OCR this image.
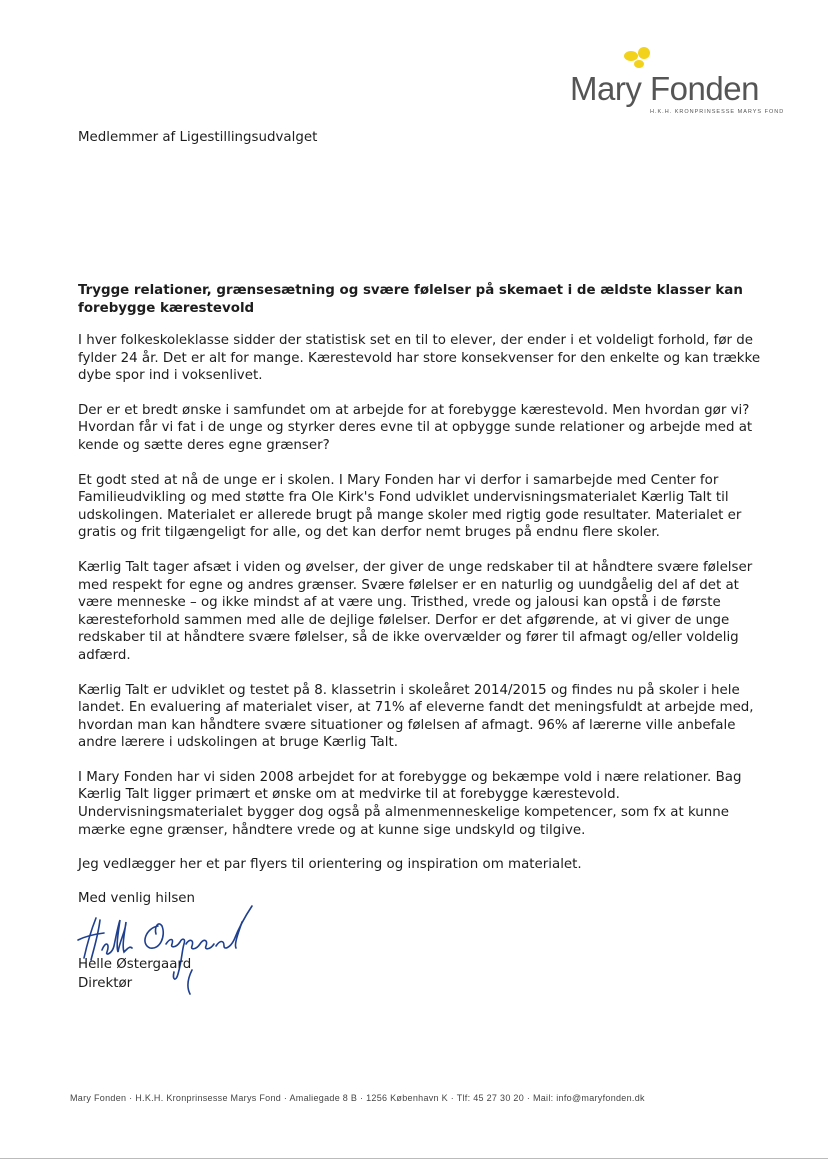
Mary Fonden
H.K.H. KRONPRINSESSE MARYS FOND
Medlemmer af Ligestillingsudvalget
Trygge relationer, grænsesætning og svære følelser på skemaet i de ældste klasser kan forebygge kærestevold

I hver folkeskoleklasse sidder der statistisk set en til to elever, der ender i et voldeligt forhold, før de fylder 24 år. Det er alt for mange. Kærestevold har store konsekvenser for den enkelte og kan trække dybe spor ind i voksenlivet.

Der er et bredt ønske i samfundet om at arbejde for at forebygge kærestevold. Men hvordan gør vi? Hvordan får vi fat i de unge og styrker deres evne til at opbygge sunde relationer og arbejde med at kende og sætte deres egne grænser?

Et godt sted at nå de unge er i skolen. I Mary Fonden har vi derfor i samarbejde med Center for Familieudvikling og med støtte fra Ole Kirk's Fond udviklet undervisningsmaterialet Kærlig Talt til udskolingen. Materialet er allerede brugt på mange skoler med rigtig gode resultater. Materialet er gratis og frit tilgængeligt for alle, og det kan derfor nemt bruges på endnu flere skoler.

Kærlig Talt tager afsæt i viden og øvelser, der giver de unge redskaber til at håndtere svære følelser med respekt for egne og andres grænser. Svære følelser er en naturlig og uundgåelig del af det at være menneske – og ikke mindst af at være ung. Tristhed, vrede og jalousi kan opstå i de første kæresteforhold sammen med alle de dejlige følelser. Derfor er det afgørende, at vi giver de unge redskaber til at håndtere svære følelser, så de ikke overvælder og fører til afmagt og/eller voldelig adfærd.

Kærlig Talt er udviklet og testet på 8. klassetrin i skoleåret 2014/2015 og findes nu på skoler i hele landet. En evaluering af materialet viser, at 71% af eleverne fandt det meningsfuldt at arbejde med, hvordan man kan håndtere svære situationer og følelsen af afmagt. 96% af lærerne ville anbefale andre lærere i udskolingen at bruge Kærlig Talt.

I Mary Fonden har vi siden 2008 arbejdet for at forebygge og bekæmpe vold i nære relationer. Bag Kærlig Talt ligger primært et ønske om at medvirke til at forebygge kærestevold. Undervisningsmaterialet bygger dog også på almenmenneskelige kompetencer, som fx at kunne mærke egne grænser, håndtere vrede og at kunne sige undskyld og tilgive.

Jeg vedlægger her et par flyers til orientering og inspiration om materialet.

Med venlig hilsen
Helle Østergaard
Direktør
Mary Fonden · H.K.H. Kronprinsesse Marys Fond · Amaliegade 8 B · 1256 København K · Tlf: 45 27 30 20 · Mail: info@maryfonden.dk
